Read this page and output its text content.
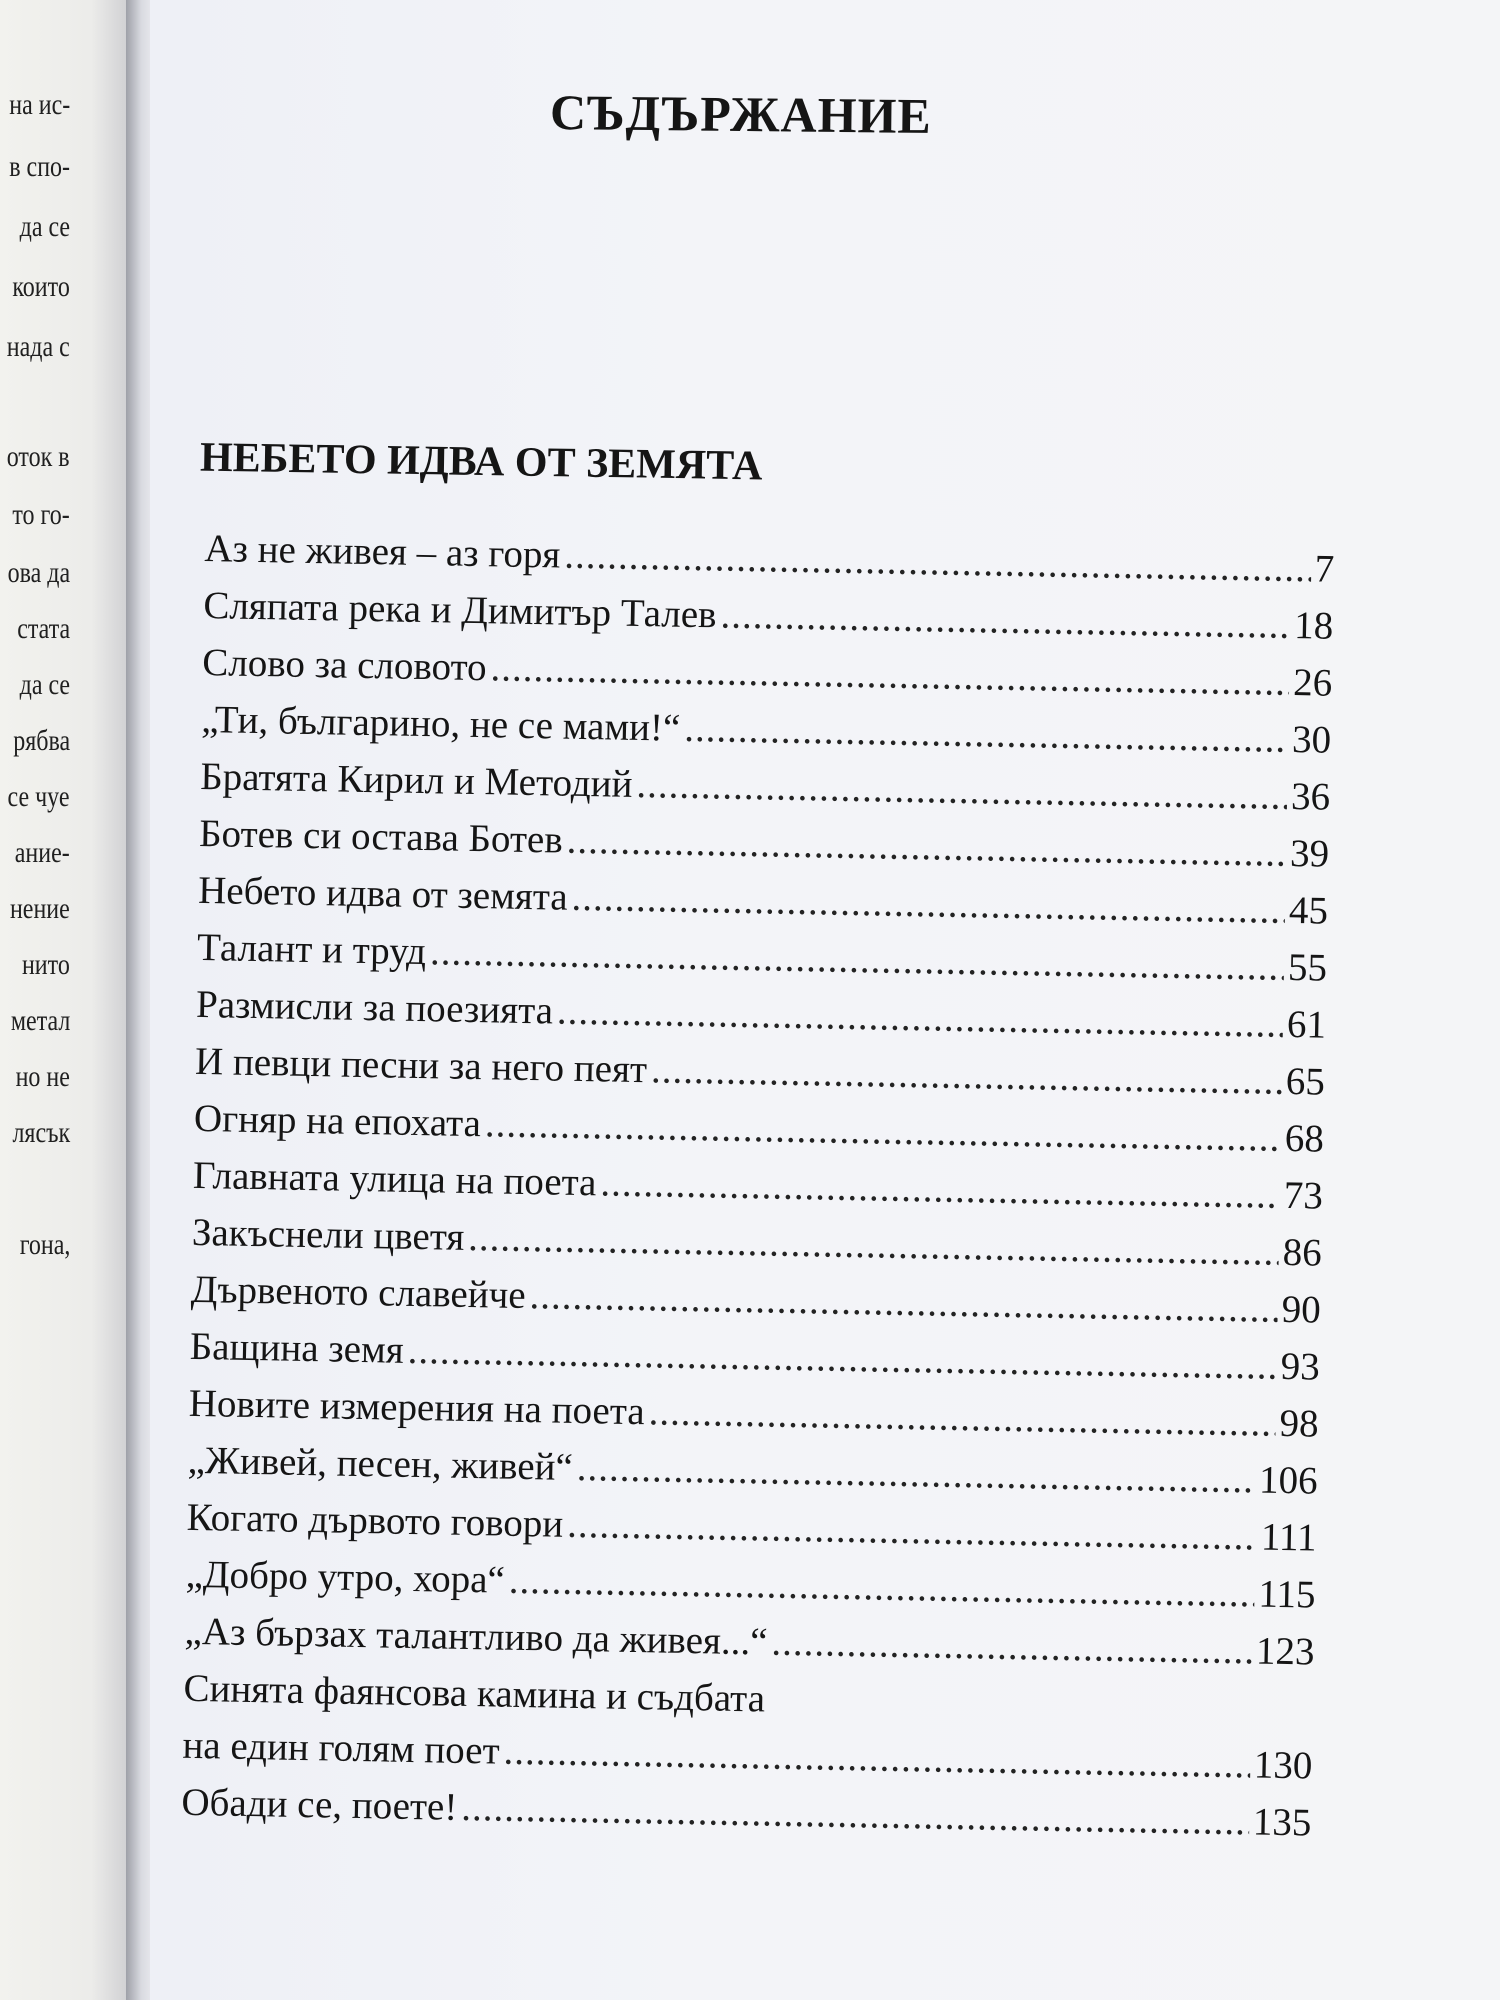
на ис-
в спо-
да се
които
нада с
оток в
то го-
ова да
стата
да се
рябва
се чуе
ание-
нение
нито
метал
но не
лясък
гона,
СЪДЪРЖАНИЕ
НЕБЕТО ИДВА ОТ ЗЕМЯТА
Аз не живея – аз горя .....	7
Сляпата река и Димитър Талев .....	18
Слово за словото .....	26
„Ти, българино, не се мами!“ .....	30
Братята Кирил и Методий .....	36
Ботев си остава Ботев .....	39
Небето идва от земята .....	45
Талант и труд .....	55
Размисли за поезията .....	61
И певци песни за него пеят .....	65
Огняр на епохата .....	68
Главната улица на поета .....	73
Закъснели цветя .....	86
Дървеното славейче .....	90
Бащина земя .....	93
Новите измерения на поета .....	98
„Живей, песен, живей“ .....	106
Когато дървото говори .....	111
„Добро утро, хора“ .....	115
„Аз бързах талантливо да живея...“ .....	123
Синята фаянсова камина и съдбата
на един голям поет .....	130
Обади се, поете! .....	135
